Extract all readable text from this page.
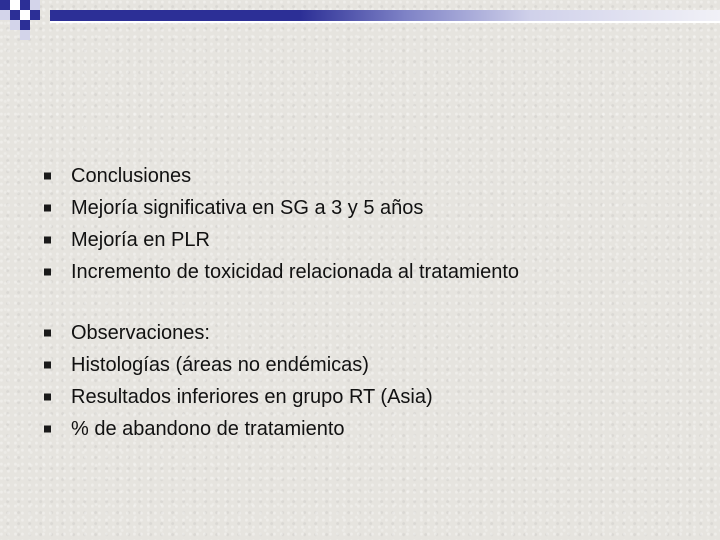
Conclusiones
Mejoría significativa en SG a 3 y 5 años
Mejoría en PLR
Incremento de toxicidad relacionada al tratamiento
Observaciones:
Histologías (áreas no endémicas)
Resultados inferiores en grupo RT (Asia)
% de abandono de tratamiento
